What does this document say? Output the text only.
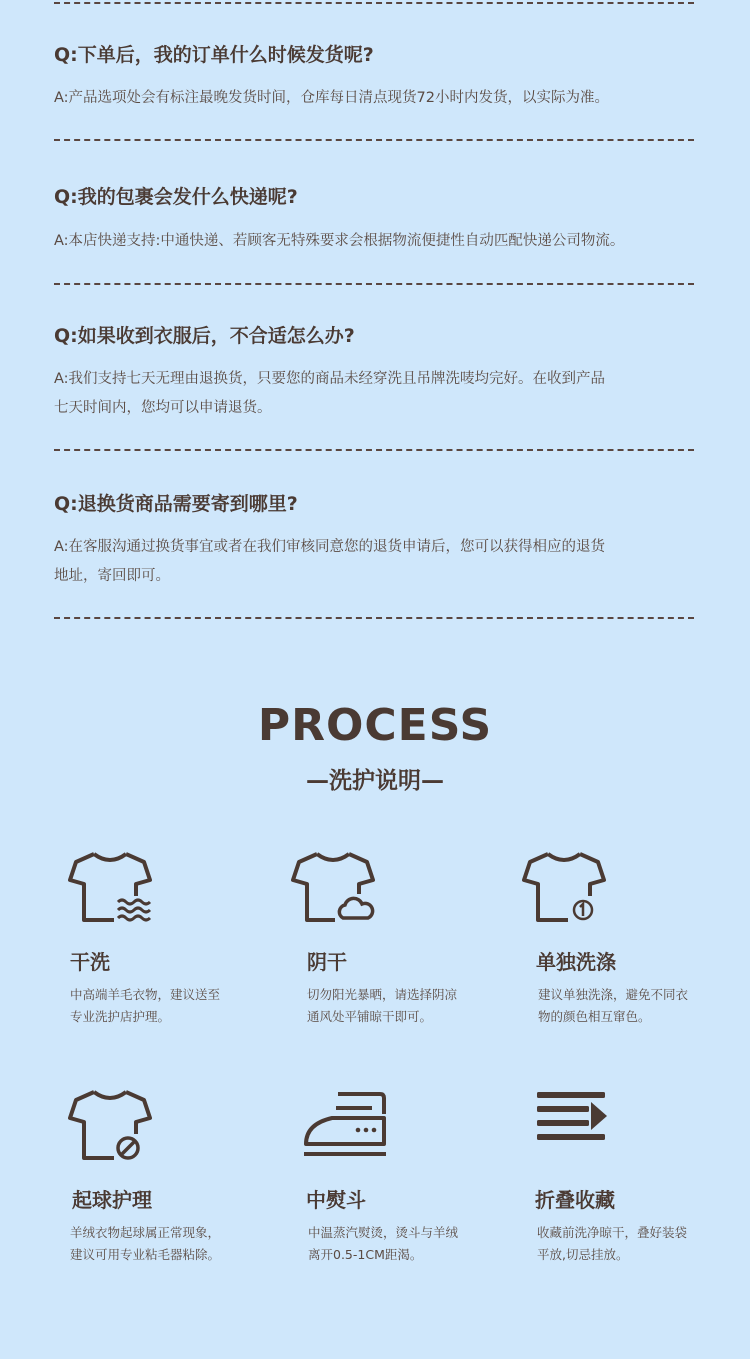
Q:下单后，我的订单什么时候发货呢?
A:产品选项处会有标注最晚发货时间，仓库每日清点现货72小时内发货，以实际为准。
Q:我的包裹会发什么快递呢?
A:本店快递支持:中通快递、若顾客无特殊要求会根据物流便捷性自动匹配快递公司物流。
Q:如果收到衣服后，不合适怎么办?
A:我们支持七天无理由退换货，只要您的商品未经穿洗且吊牌洗唛均完好。在收到产品
七天时间内，您均可以申请退货。
Q:退换货商品需要寄到哪里?
A:在客服沟通过换货事宜或者在我们审核同意您的退货申请后，您可以获得相应的退货
地址，寄回即可。
PROCESS
—洗护说明—
干洗
中高端羊毛衣物，建议送至
专业洗护店护理。
阴干
切勿阳光暴晒，请选择阴凉
通风处平铺晾干即可。
单独洗涤
建议单独洗涤，避免不同衣
物的颜色相互窜色。
起球护理
羊绒衣物起球属正常现象，
建议可用专业粘毛器粘除。
中熨斗
中温蒸汽熨烫，烫斗与羊绒
离开0.5-1CM距渴。
折叠收藏
收藏前洗净晾干，叠好装袋
平放,切忌挂放。
